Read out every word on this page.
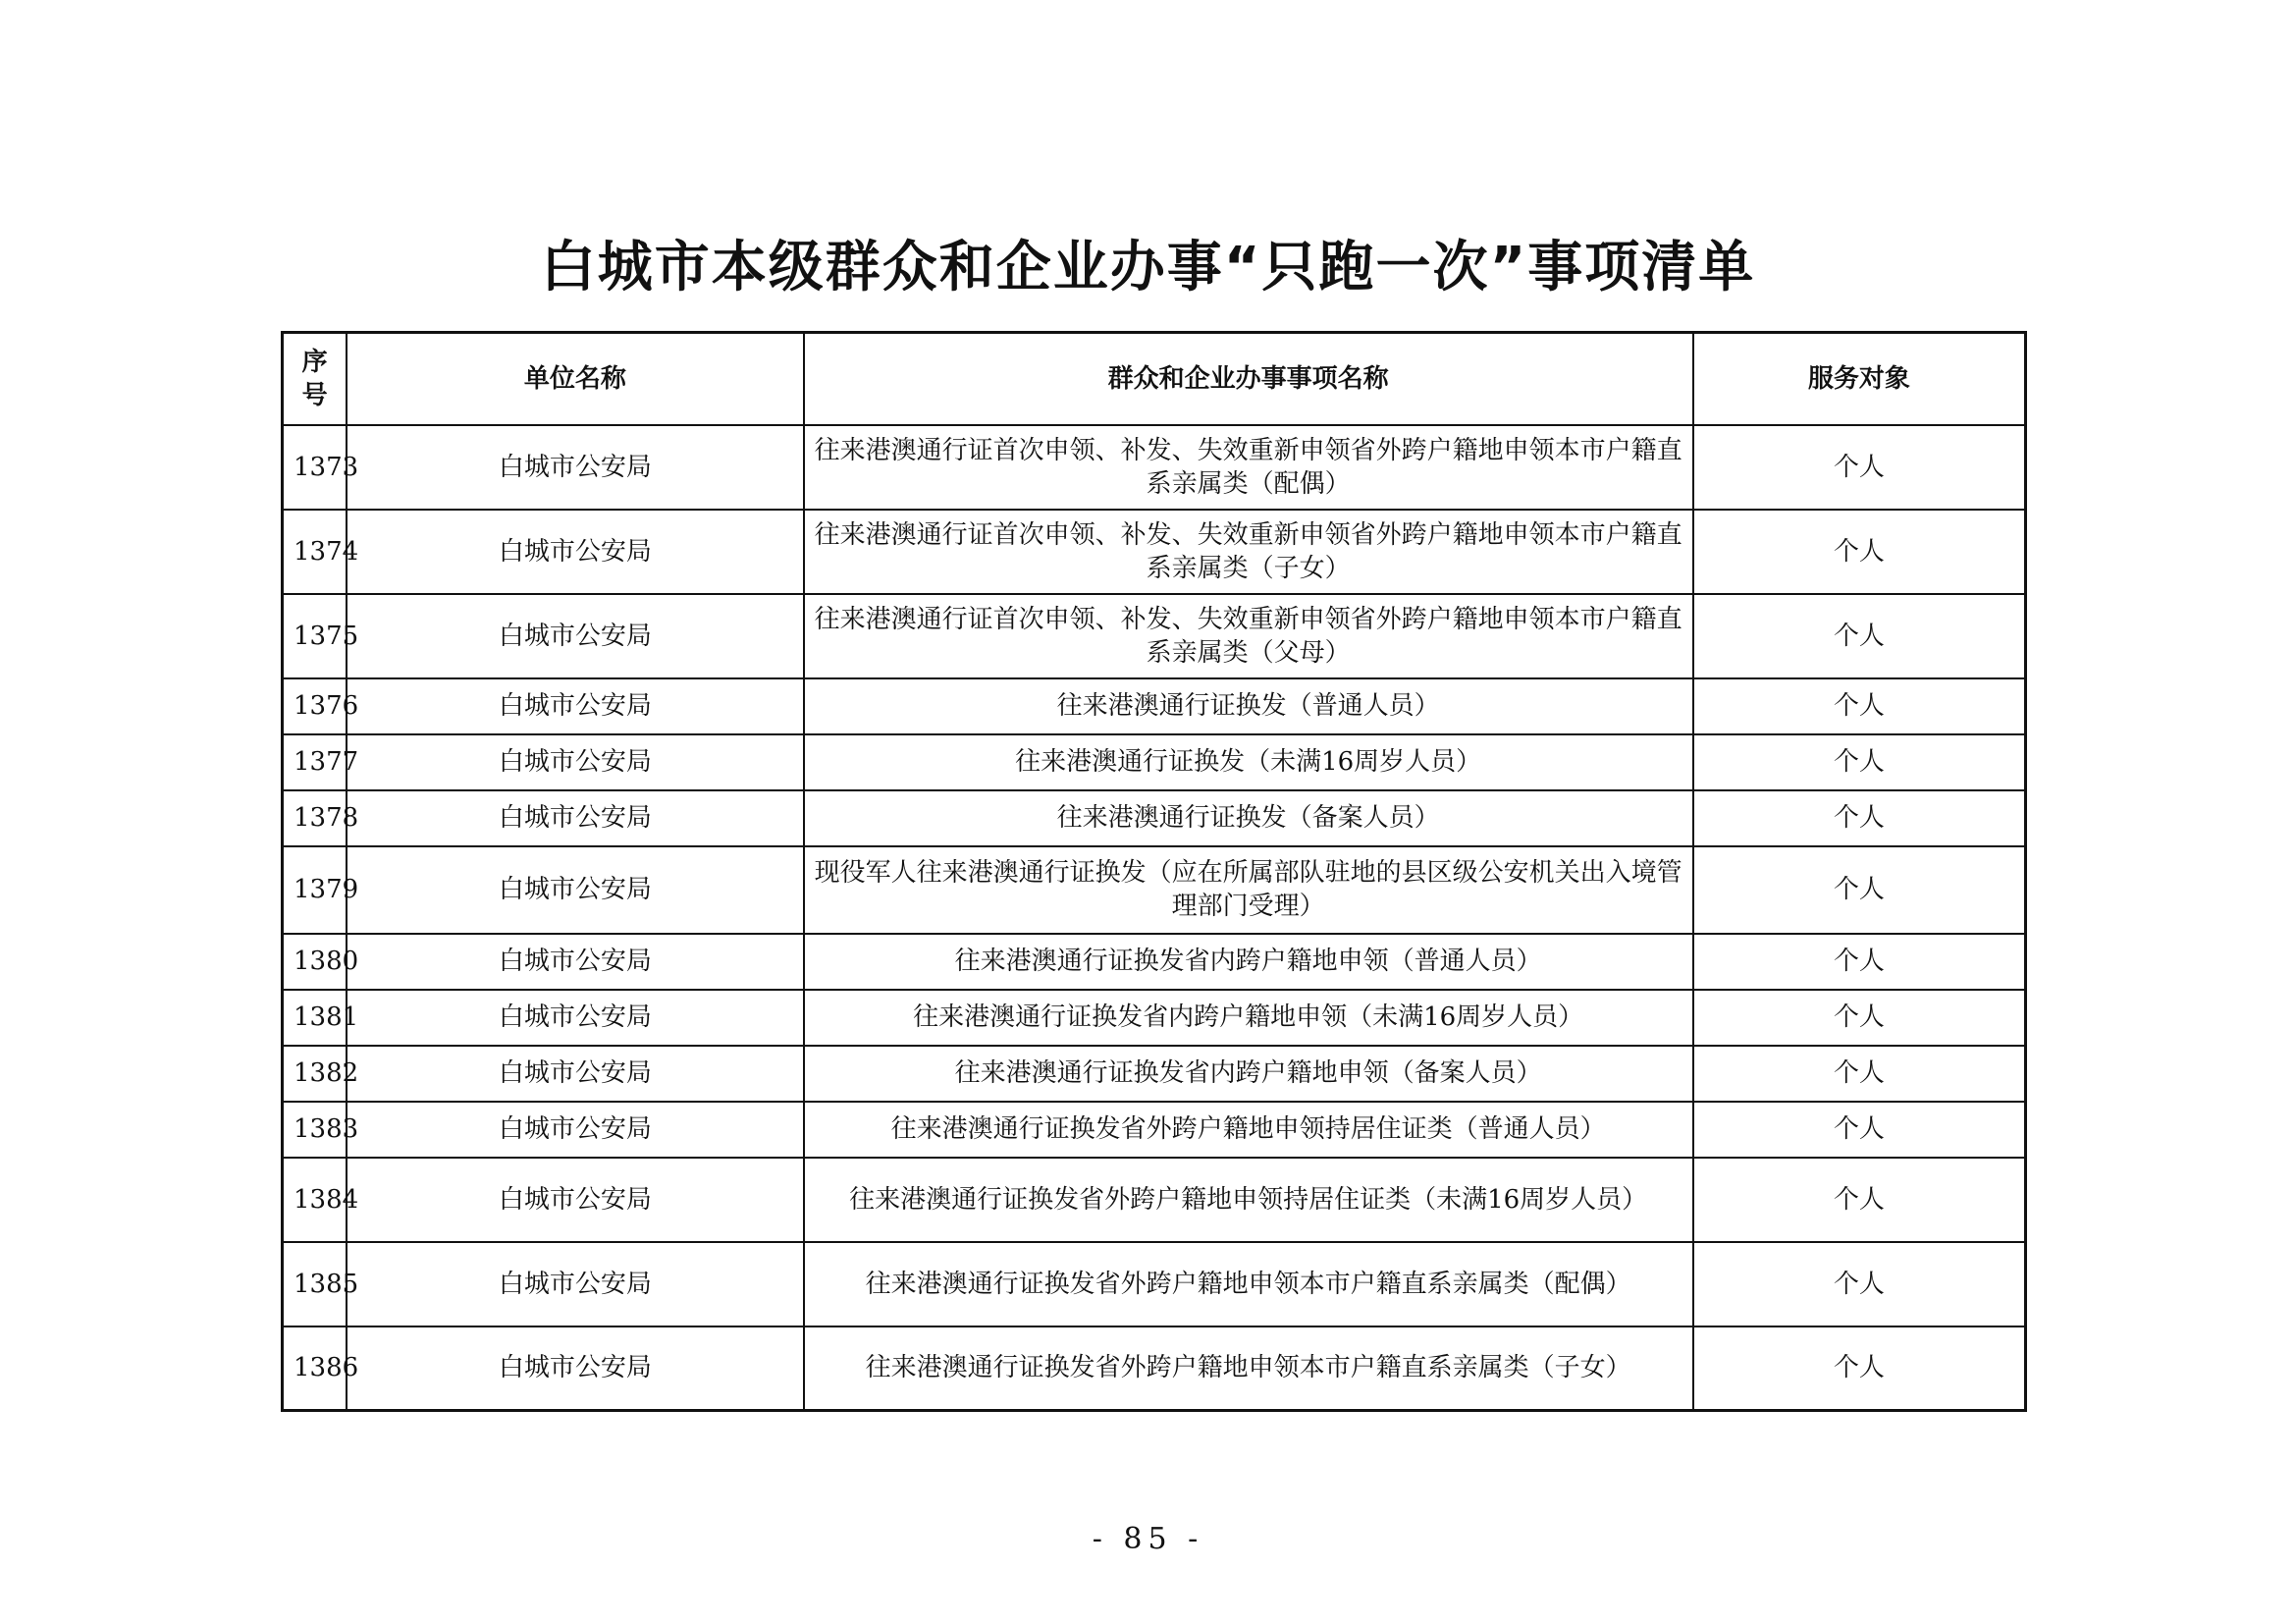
白城市本级群众和企业办事“只跑一次”事项清单
序号	单位名称	群众和企业办事事项名称	服务对象
1373	白城市公安局	往来港澳通行证首次申领、补发、失效重新申领省外跨户籍地申领本市户籍直系亲属类（配偶）	个人
1374	白城市公安局	往来港澳通行证首次申领、补发、失效重新申领省外跨户籍地申领本市户籍直系亲属类（子女）	个人
1375	白城市公安局	往来港澳通行证首次申领、补发、失效重新申领省外跨户籍地申领本市户籍直系亲属类（父母）	个人
1376	白城市公安局	往来港澳通行证换发（普通人员）	个人
1377	白城市公安局	往来港澳通行证换发（未满16周岁人员）	个人
1378	白城市公安局	往来港澳通行证换发（备案人员）	个人
1379	白城市公安局	现役军人往来港澳通行证换发（应在所属部队驻地的县区级公安机关出入境管理部门受理）	个人
1380	白城市公安局	往来港澳通行证换发省内跨户籍地申领（普通人员）	个人
1381	白城市公安局	往来港澳通行证换发省内跨户籍地申领（未满16周岁人员）	个人
1382	白城市公安局	往来港澳通行证换发省内跨户籍地申领（备案人员）	个人
1383	白城市公安局	往来港澳通行证换发省外跨户籍地申领持居住证类（普通人员）	个人
1384	白城市公安局	往来港澳通行证换发省外跨户籍地申领持居住证类（未满16周岁人员）	个人
1385	白城市公安局	往来港澳通行证换发省外跨户籍地申领本市户籍直系亲属类（配偶）	个人
1386	白城市公安局	往来港澳通行证换发省外跨户籍地申领本市户籍直系亲属类（子女）	个人
- 85 -
